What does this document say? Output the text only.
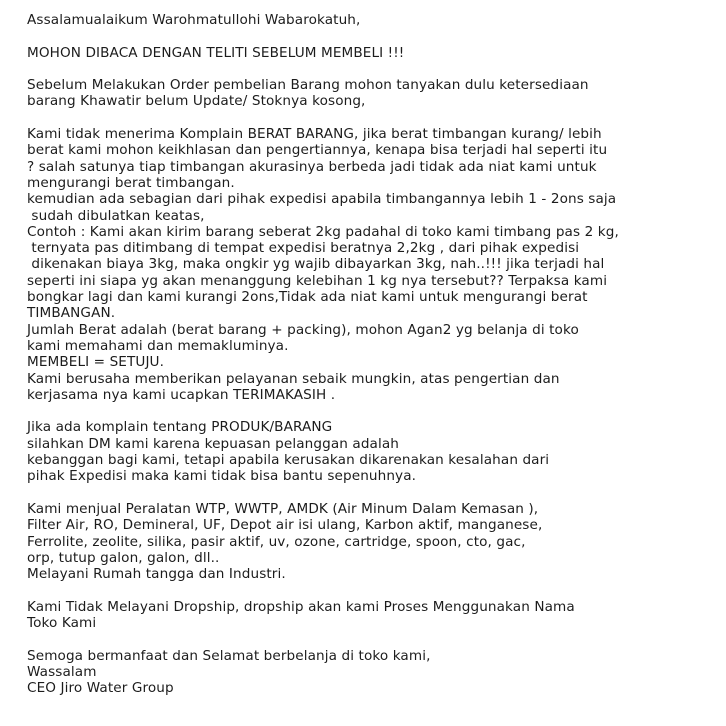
Assalamualaikum Warohmatullohi Wabarokatuh,
MOHON DIBACA DENGAN TELITI SEBELUM MEMBELI !!!
Sebelum Melakukan Order pembelian Barang mohon tanyakan dulu ketersediaan
barang Khawatir belum Update/ Stoknya kosong,
Kami tidak menerima Komplain BERAT BARANG, jika berat timbangan kurang/ lebih
berat kami mohon keikhlasan dan pengertiannya, kenapa bisa terjadi hal seperti itu
? salah satunya tiap timbangan akurasinya berbeda jadi tidak ada niat kami untuk
mengurangi berat timbangan.
kemudian ada sebagian dari pihak expedisi apabila timbangannya lebih 1 - 2ons saja
sudah dibulatkan keatas,
Contoh : Kami akan kirim barang seberat 2kg padahal di toko kami timbang pas 2 kg,
ternyata pas ditimbang di tempat expedisi beratnya 2,2kg , dari pihak expedisi
dikenakan biaya 3kg, maka ongkir yg wajib dibayarkan 3kg, nah..!!! jika terjadi hal
seperti ini siapa yg akan menanggung kelebihan 1 kg nya tersebut?? Terpaksa kami
bongkar lagi dan kami kurangi 2ons,Tidak ada niat kami untuk mengurangi berat
TIMBANGAN.
Jumlah Berat adalah (berat barang + packing), mohon Agan2 yg belanja di toko
kami memahami dan memakluminya.
MEMBELI = SETUJU.
Kami berusaha memberikan pelayanan sebaik mungkin, atas pengertian dan
kerjasama nya kami ucapkan TERIMAKASIH .
Jika ada komplain tentang PRODUK/BARANG
silahkan DM kami karena kepuasan pelanggan adalah
kebanggan bagi kami, tetapi apabila kerusakan dikarenakan kesalahan dari
pihak Expedisi maka kami tidak bisa bantu sepenuhnya.
Kami menjual Peralatan WTP, WWTP, AMDK (Air Minum Dalam Kemasan ),
Filter Air, RO, Demineral, UF, Depot air isi ulang, Karbon aktif, manganese,
Ferrolite, zeolite, silika, pasir aktif, uv, ozone, cartridge, spoon, cto, gac,
orp, tutup galon, galon, dll..
Melayani Rumah tangga dan Industri.
Kami Tidak Melayani Dropship, dropship akan kami Proses Menggunakan Nama
Toko Kami
Semoga bermanfaat dan Selamat berbelanja di toko kami,
Wassalam
CEO Jiro Water Group
